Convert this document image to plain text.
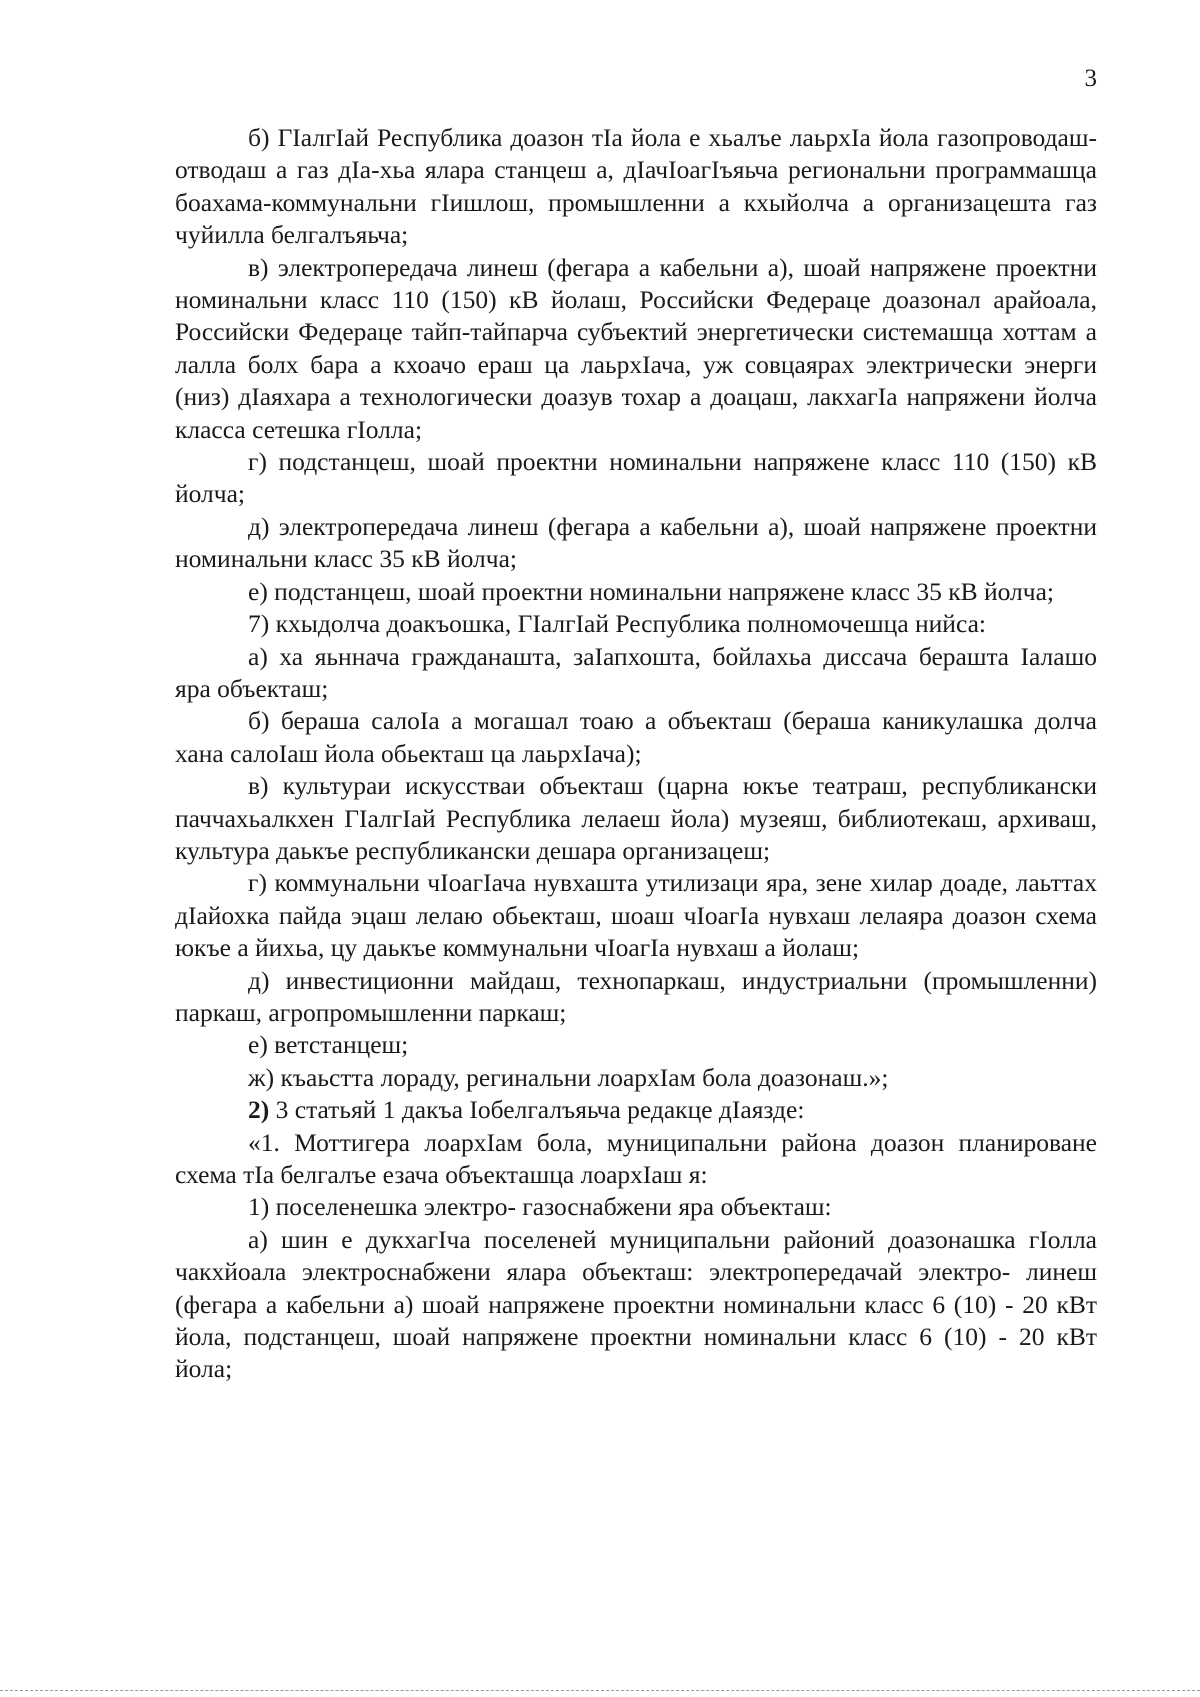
3

б) ГIалгIай Республика доазон тIа йола е хьалъе лаьрхIа йола газопроводаш-отводаш а газ дIа-хьа ялара станцеш а, дIачIоагIъяьча региональни программашца боахама-коммунальни гIишлош, промышленни а кхыйолча а организацешта газ чуйилла белгалъяьча;

в) электропередача линеш (фегара а кабельни а), шоай напряжене проектни номинальни класс 110 (150) кВ йолаш, Российски Федераце доазонал арайоала, Российски Федераце тайп-тайпарча субъектий энергетически системашца хоттам а лалла болх бара а кхоачо ераш ца лаьрхIача, уж совцаярах электрически энерги (низ) дIаяхара а технологически доазув тохар а доацаш, лакхагIа напряжени йолча класса сетешка гIолла;

г) подстанцеш, шоай проектни номинальни напряжене класс 110 (150) кВ йолча;

д) электропередача линеш (фегара а кабельни а), шоай напряжене проектни номинальни класс 35 кВ йолча;

е) подстанцеш, шоай проектни номинальни напряжене класс 35 кВ йолча;

7) кхыдолча доакъошка, ГIалгIай Республика полномочешца нийса:

а) ха яьннача гражданашта, заIапхошта, бойлахьа диссача бераштa Iалашо яра объекташ;

б) бераша салоIа а могашал тоаю а объекташ (бераша каникулашка долча хана салоIаш йола обьекташ ца лаьрхIача);

в) культураи искусстваи объекташ (царна юкъе театраш, республикански паччахьалкхен ГIалгIай Республика лелаеш йола) музеяш, библиотекаш, архиваш, культура даькъе республикански дешара организацеш;

г) коммунальни чIоагIача нувхашта утилизаци яра, зене хилар доаде, лаьттах дIайохка пайда эцаш лелаю обьекташ, шоаш чIоагIа нувхаш лелаяра доазон схема юкъе а йихьа, цу даькъе коммунальни чIоагIа нувхаш а йолаш;

д) инвестиционни майдаш, технопаркаш, индустриальни (промышленни) паркаш, агропромышленни паркаш;

е) ветстанцеш;

ж) къаьстта лораду, регинальни лоархIам бола доазонаш.»;

2) 3 статьяй 1 дакъа Iобелгалъяьча редакце дIаязде:

«1. Моттигера лоархIам бола, муниципальни района доазон планироване схема тIа белгалъе езача объекташца лоархIаш я:

1) поселенешка электро- газоснабжени яра объекташ:

а) шин е дукхагIча поселеней муниципальни районий доазонашка гIолла чакхйоала электроснабжени ялара объекташ: электропередачай электро- линеш (фегара а кабельни а) шоай напряжене проектни номинальни класс 6 (10) - 20 кВт йола, подстанцеш, шоай напряжене проектни номинальни класс 6 (10) - 20 кВт йола;
